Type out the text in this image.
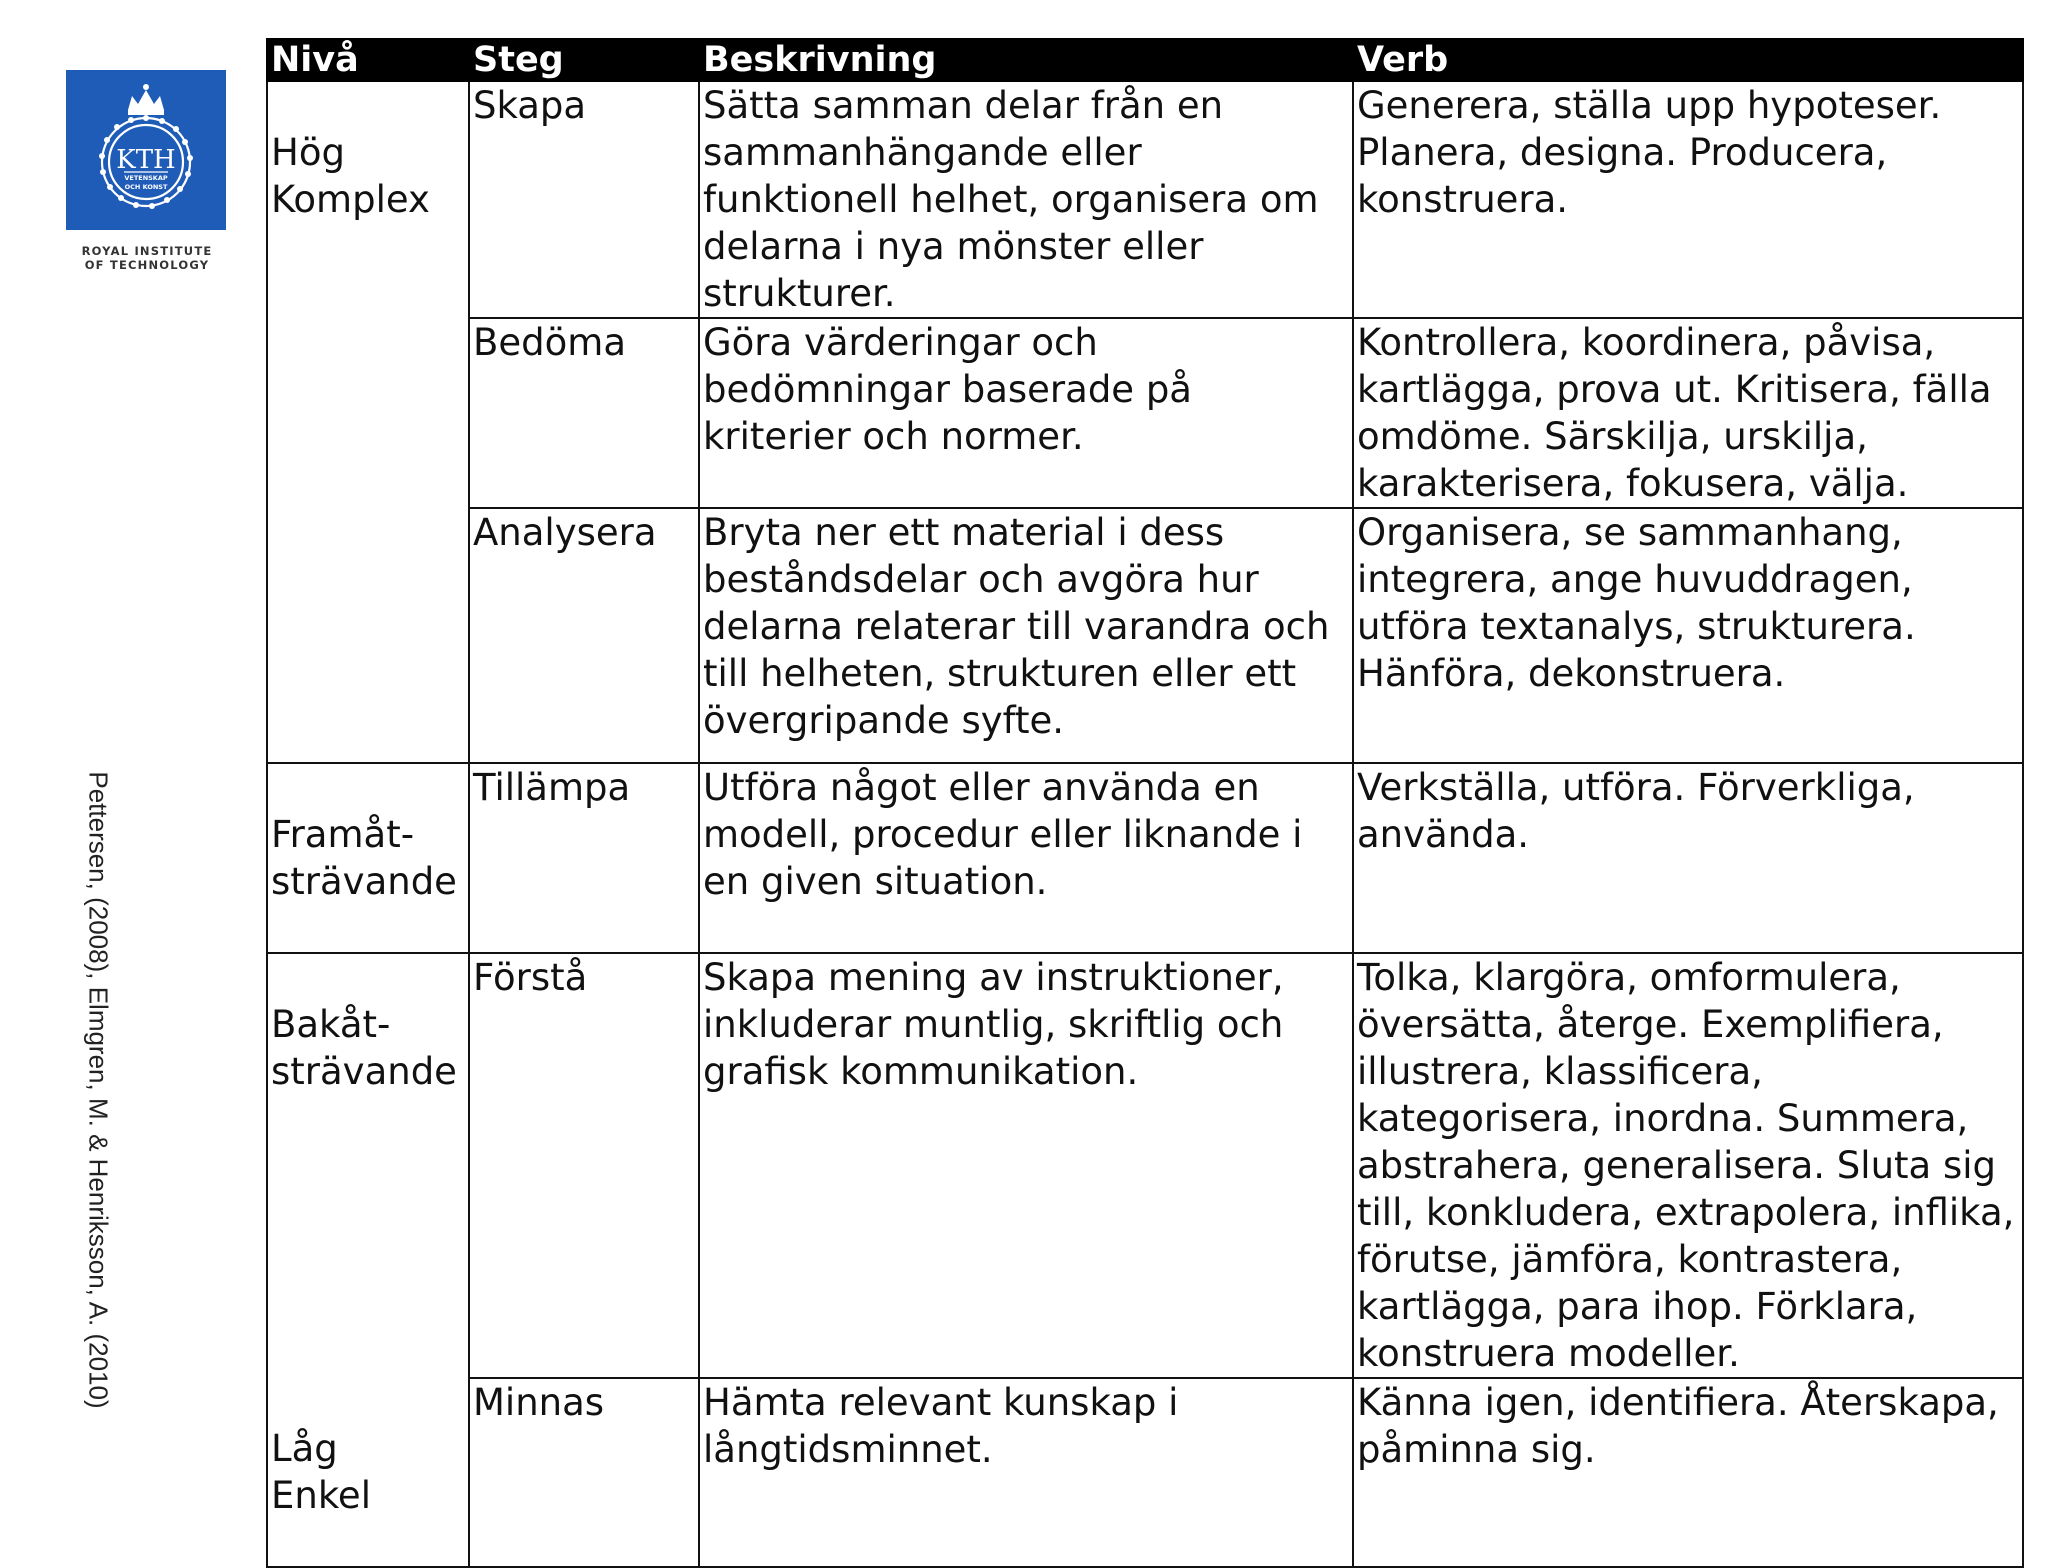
KTH
VETENSKAP
OCH KONST
ROYAL INSTITUTE
OF TECHNOLOGY
Pettersen, (2008), Elmgren, M. & Henriksson, A. (2010)
Nivå	Steg	Beskrivning	Verb

Hög
Komplex	Skapa	Sätta samman delar från en sammanhängande eller funktionell helhet, organisera om delarna i nya mönster eller strukturer.	Generera, ställa upp hypoteser. Planera, designa. Producera, konstruera.
	Bedöma	Göra värderingar och bedömningar baserade på kriterier och normer.	Kontrollera, koordinera, påvisa, kartlägga, prova ut. Kritisera, fälla omdöme. Särskilja, urskilja, karakterisera, fokusera, välja.
	Analysera	Bryta ner ett material i dess beståndsdelar och avgöra hur delarna relaterar till varandra och till helheten, strukturen eller ett övergripande syfte.	Organisera, se sammanhang, integrera, ange huvuddragen, utföra textanalys, strukturera. Hänföra, dekonstruera.

Framåt-
strävande	Tillämpa	Utföra något eller använda en modell, procedur eller liknande i en given situation.	Verkställa, utföra. Förverkliga, använda.

Bakåt-
strävande	Förstå	Skapa mening av instruktioner, inkluderar muntlig, skriftlig och grafisk kommunikation.	Tolka, klargöra, omformulera, översätta, återge. Exemplifiera, illustrera, klassificera, kategorisera, inordna. Summera, abstrahera, generalisera. Sluta sig till, konkludera, extrapolera, inflika, förutse, jämföra, kontrastera, kartlägga, para ihop. Förklara, konstruera modeller.

Låg
Enkel	Minnas	Hämta relevant kunskap i långtidsminnet.	Känna igen, identifiera. Återskapa, påminna sig.
